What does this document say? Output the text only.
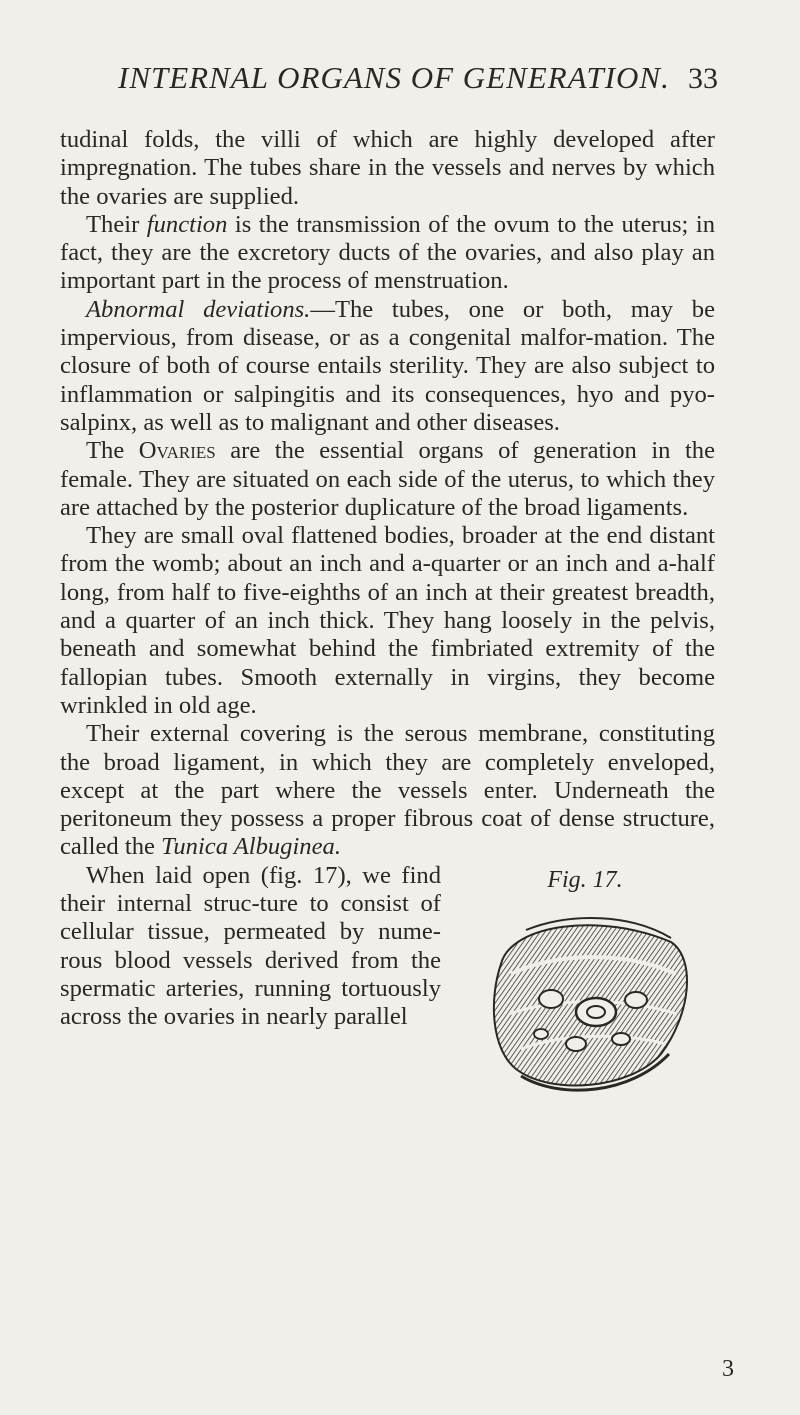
INTERNAL ORGANS OF GENERATION. 33

tudinal folds, the villi of which are highly developed after impregnation. The tubes share in the vessels and nerves by which the ovaries are supplied.

Their function is the transmission of the ovum to the uterus; in fact, they are the excretory ducts of the ovaries, and also play an important part in the process of menstruation.

Abnormal deviations.—The tubes, one or both, may be impervious, from disease, or as a congenital malfor-mation. The closure of both of course entails sterility. They are also subject to inflammation or salpingitis and its consequences, hyo and pyo-salpinx, as well as to malignant and other diseases.

The Ovaries are the essential organs of generation in the female. They are situated on each side of the uterus, to which they are attached by the posterior duplicature of the broad ligaments.

They are small oval flattened bodies, broader at the end distant from the womb; about an inch and a-quarter or an inch and a-half long, from half to five-eighths of an inch at their greatest breadth, and a quarter of an inch thick. They hang loosely in the pelvis, beneath and somewhat behind the fimbriated extremity of the fallopian tubes. Smooth externally in virgins, they become wrinkled in old age.

Their external covering is the serous membrane, constituting the broad ligament, in which they are completely enveloped, except at the part where the vessels enter. Underneath the peritoneum they possess a proper fibrous coat of dense structure, called the Tunica Albuginea.

Fig. 17.

When laid open (fig. 17), we find their internal struc-ture to consist of cellular tissue, permeated by nume-rous blood vessels derived from the spermatic arteries, running tortuously across the ovaries in nearly parallel

3
